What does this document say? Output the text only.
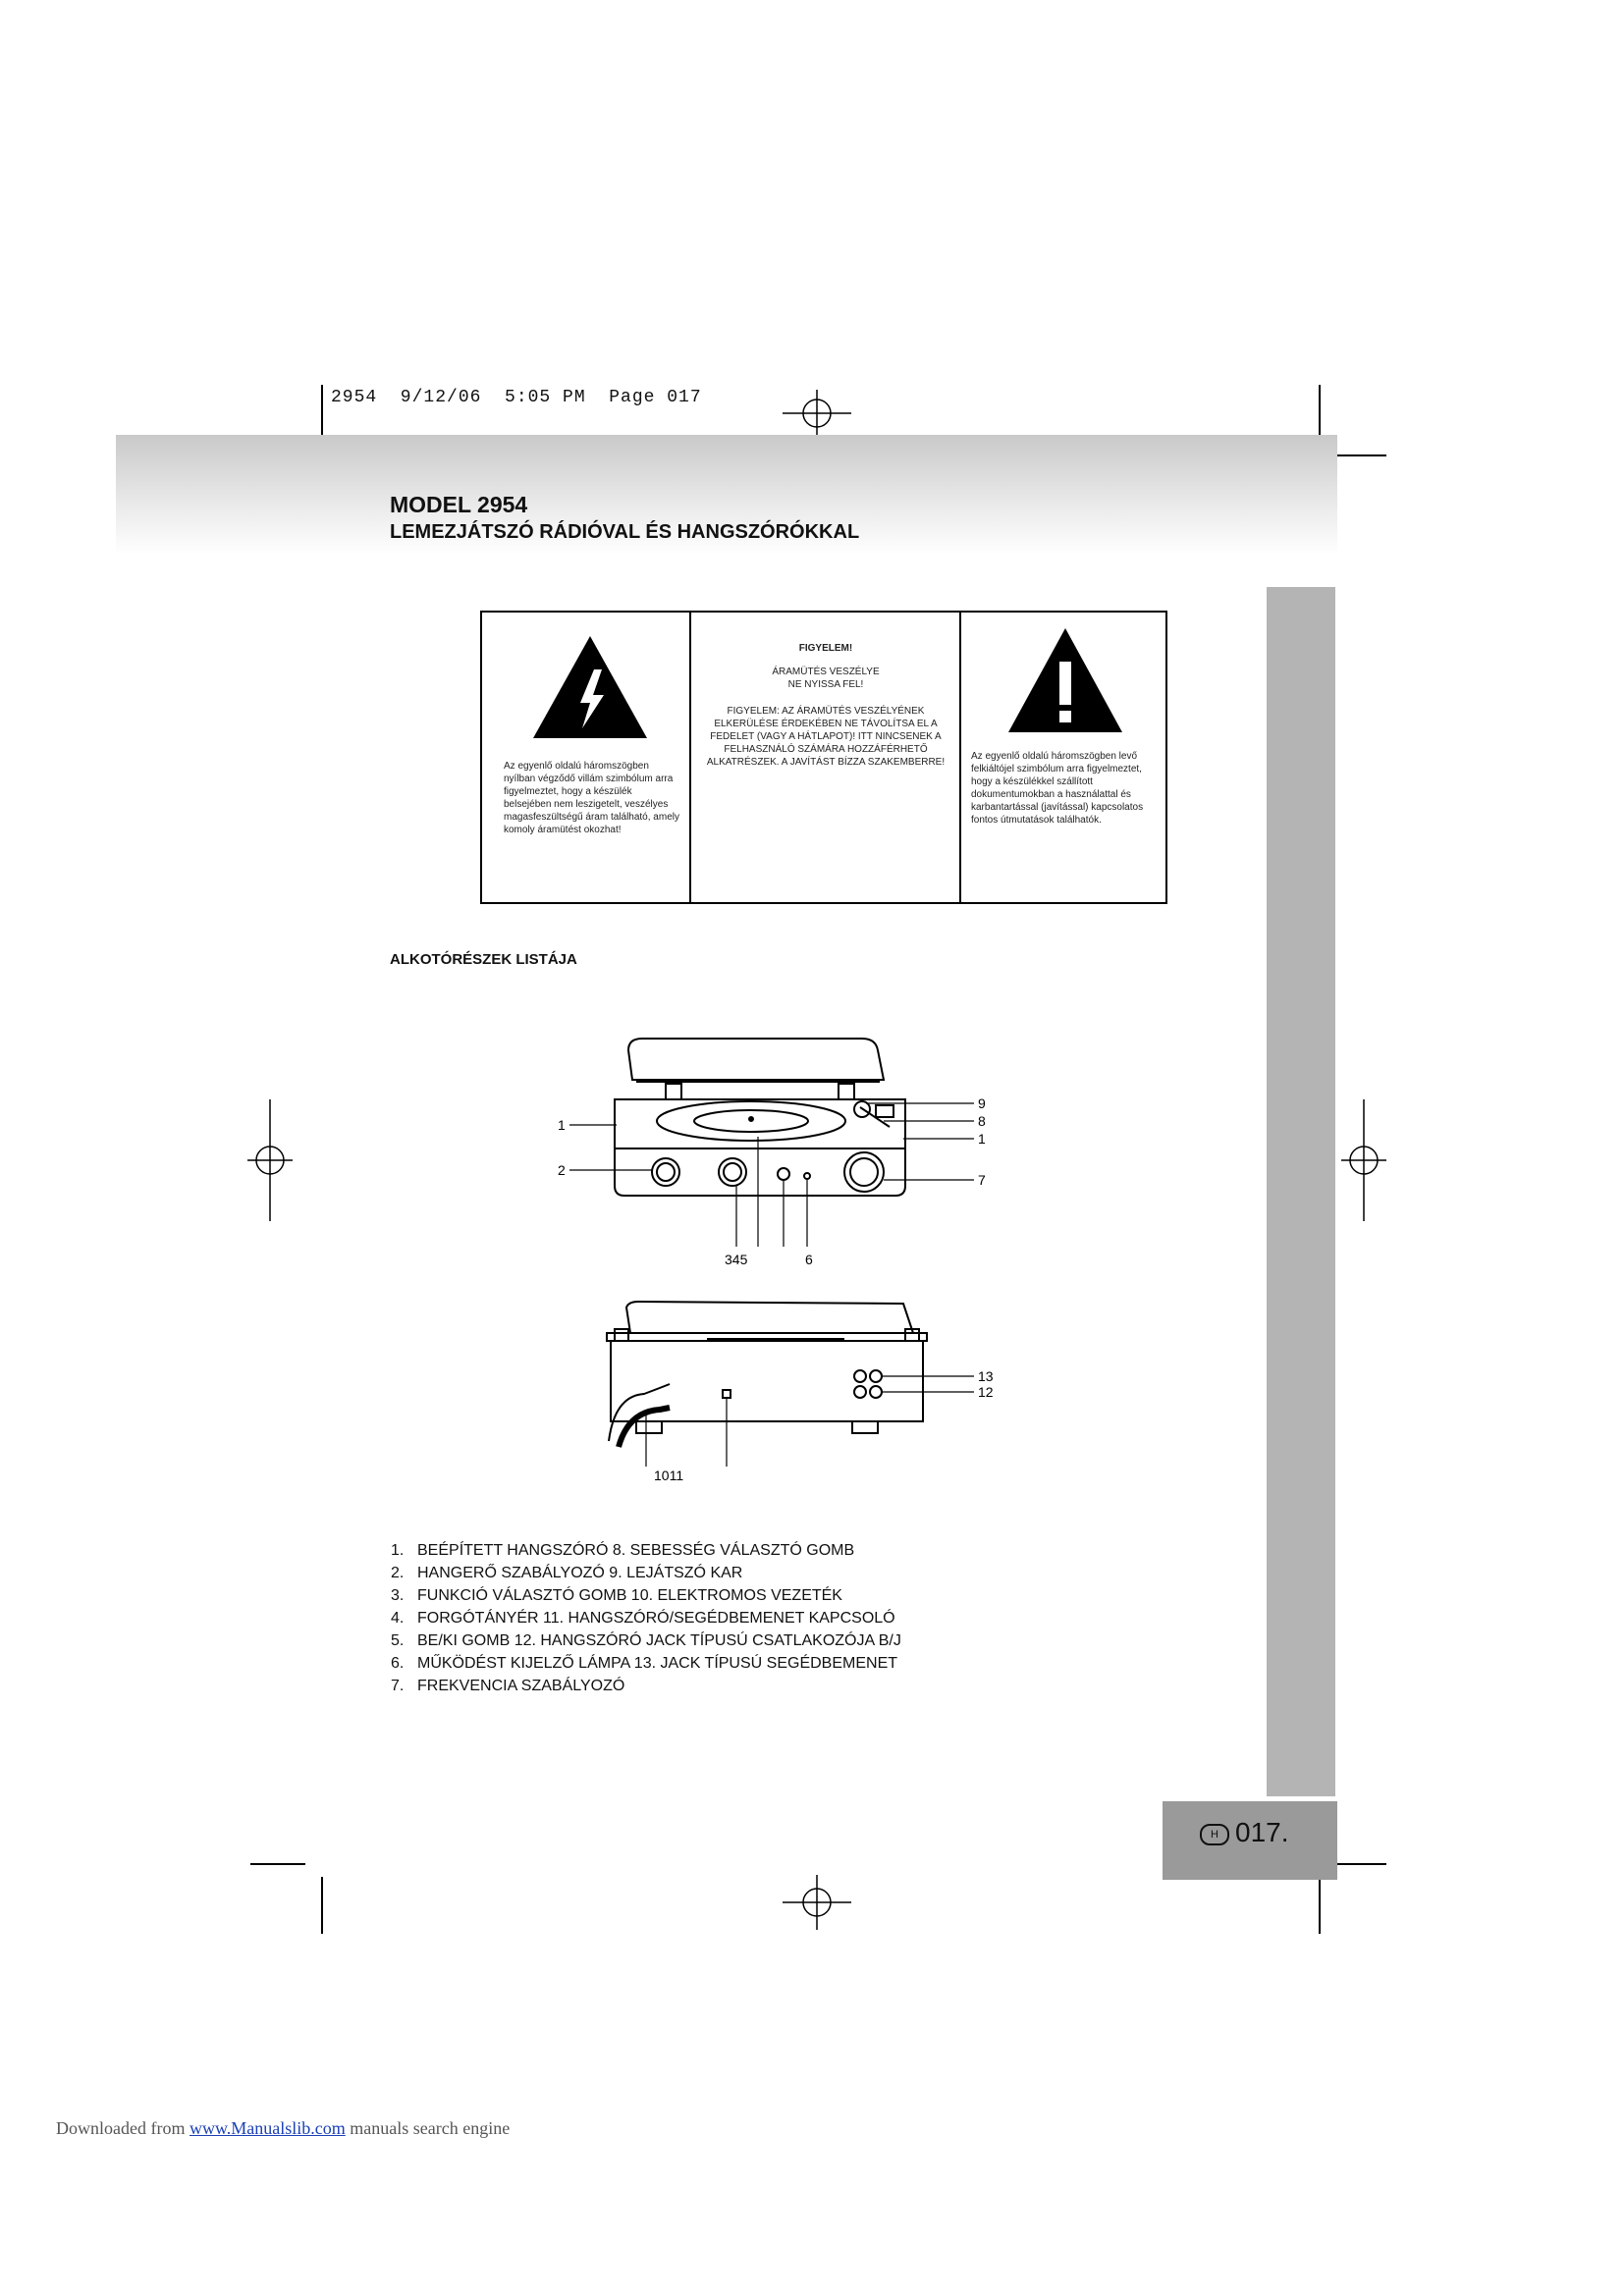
2954  9/12/06  5:05 PM  Page 017
MODEL 2954
LEMEZJÁTSZÓ RÁDIÓVAL ÉS HANGSZÓRÓKKAL
H 017.
Az egyenlő oldalú háromszögben nyílban végződő villám szimbólum arra figyelmeztet, hogy a készülék belsejében nem leszigetelt, veszélyes magasfeszültségű áram található, amely komoly áramütést okozhat!
FIGYELEM!
ÁRAMÜTÉS VESZÉLYE
NE NYISSA FEL!
FIGYELEM: AZ ÁRAMÜTÉS VESZÉLYÉNEK ELKERÜLÉSE ÉRDEKÉBEN NE TÁVOLÍTSA EL A FEDELET (VAGY A HÁTLAPOT)! ITT NINCSENEK A FELHASZNÁLÓ SZÁMÁRA HOZZÁFÉRHETŐ ALKATRÉSZEK. A JAVÍTÁST BÍZZA SZAKEMBERRE!
Az egyenlő oldalú háromszögben levő felkiáltójel szimbólum arra figyelmeztet, hogy a készülékkel szállított dokumentumokban a használattal és karbantartással (javítással) kapcsolatos fontos útmutatások találhatók.
ALKOTÓRÉSZEK LISTÁJA
1
2
9
8
1
7
345	6
13
12
1011
1. BEÉPÍTETT HANGSZÓRÓ 8. SEBESSÉG VÁLASZTÓ GOMB
2. HANGERŐ SZABÁLYOZÓ 9. LEJÁTSZÓ KAR
3. FUNKCIÓ VÁLASZTÓ GOMB 10. ELEKTROMOS VEZETÉK
4. FORGÓTÁNYÉR 11. HANGSZÓRÓ/SEGÉDBEMENET KAPCSOLÓ
5. BE/KI GOMB 12. HANGSZÓRÓ JACK TÍPUSÚ CSATLAKOZÓJA B/J
6. MŰKÖDÉST KIJELZŐ LÁMPA 13. JACK TÍPUSÚ SEGÉDBEMENET
7. FREKVENCIA SZABÁLYOZÓ
Downloaded from www.Manualslib.com manuals search engine
